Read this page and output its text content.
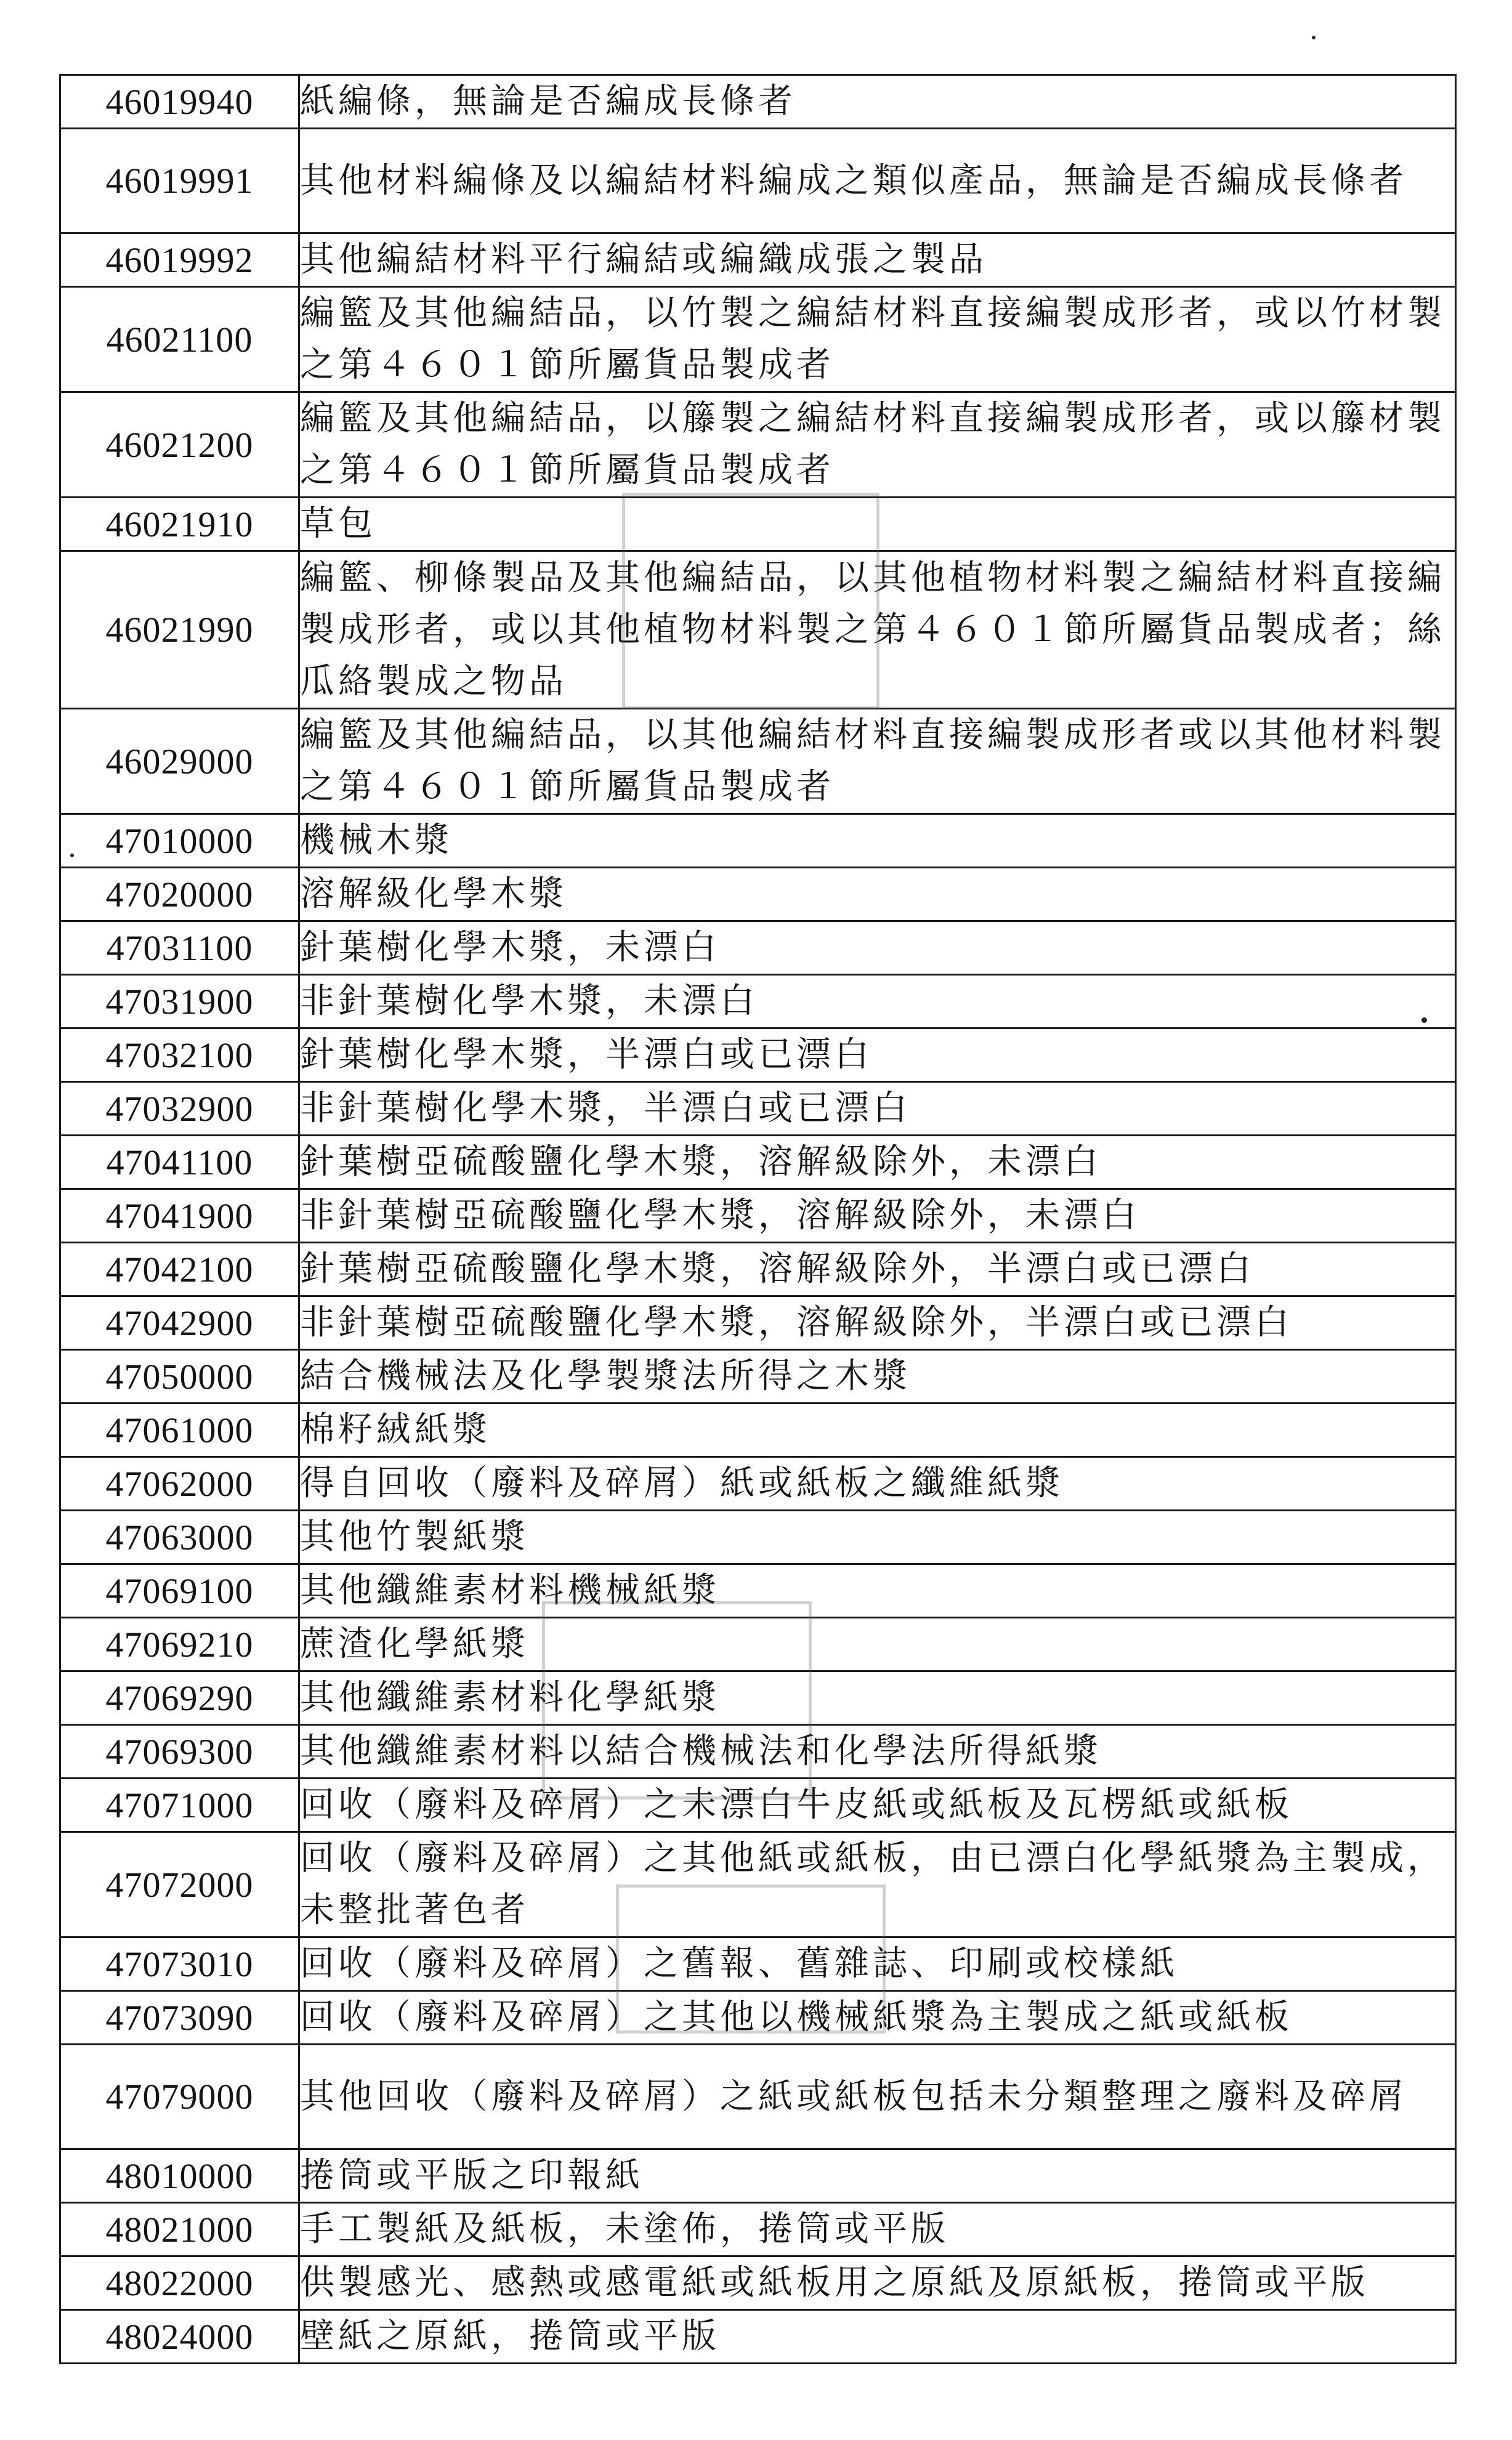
46019940	紙編條，無論是否編成長條者
46019991	其他材料編條及以編結材料編成之類似產品，無論是否編成長條者
46019992	其他編結材料平行編結或編織成張之製品
46021100	編籃及其他編結品，以竹製之編結材料直接編製成形者，或以竹材製之第４６０１節所屬貨品製成者
46021200	編籃及其他編結品，以籐製之編結材料直接編製成形者，或以籐材製之第４６０１節所屬貨品製成者
46021910	草包
46021990	編籃、柳條製品及其他編結品，以其他植物材料製之編結材料直接編製成形者，或以其他植物材料製之第４６０１節所屬貨品製成者；絲瓜絡製成之物品
46029000	編籃及其他編結品，以其他編結材料直接編製成形者或以其他材料製之第４６０１節所屬貨品製成者
47010000	機械木漿
47020000	溶解級化學木漿
47031100	針葉樹化學木漿，未漂白
47031900	非針葉樹化學木漿，未漂白
47032100	針葉樹化學木漿，半漂白或已漂白
47032900	非針葉樹化學木漿，半漂白或已漂白
47041100	針葉樹亞硫酸鹽化學木漿，溶解級除外，未漂白
47041900	非針葉樹亞硫酸鹽化學木漿，溶解級除外，未漂白
47042100	針葉樹亞硫酸鹽化學木漿，溶解級除外，半漂白或已漂白
47042900	非針葉樹亞硫酸鹽化學木漿，溶解級除外，半漂白或已漂白
47050000	結合機械法及化學製漿法所得之木漿
47061000	棉籽絨紙漿
47062000	得自回收（廢料及碎屑）紙或紙板之纖維紙漿
47063000	其他竹製紙漿
47069100	其他纖維素材料機械紙漿
47069210	蔗渣化學紙漿
47069290	其他纖維素材料化學紙漿
47069300	其他纖維素材料以結合機械法和化學法所得紙漿
47071000	回收（廢料及碎屑）之未漂白牛皮紙或紙板及瓦楞紙或紙板
47072000	回收（廢料及碎屑）之其他紙或紙板，由已漂白化學紙漿為主製成，未整批著色者
47073010	回收（廢料及碎屑）之舊報、舊雜誌、印刷或校樣紙
47073090	回收（廢料及碎屑）之其他以機械紙漿為主製成之紙或紙板
47079000	其他回收（廢料及碎屑）之紙或紙板包括未分類整理之廢料及碎屑
48010000	捲筒或平版之印報紙
48021000	手工製紙及紙板，未塗佈，捲筒或平版
48022000	供製感光、感熱或感電紙或紙板用之原紙及原紙板，捲筒或平版
48024000	壁紙之原紙，捲筒或平版
